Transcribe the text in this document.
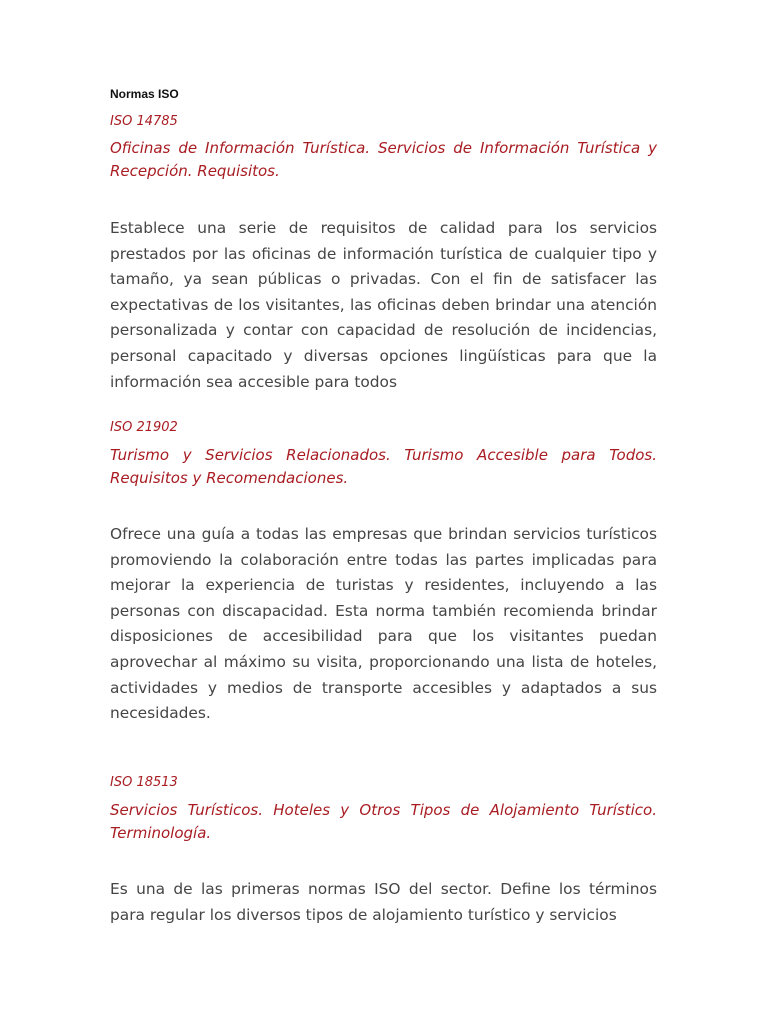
Normas ISO
ISO 14785

Oficinas de Información Turística. Servicios de Información Turística y Recepción. Requisitos.

Establece una serie de requisitos de calidad para los servicios prestados por las oficinas de información turística de cualquier tipo y tamaño, ya sean públicas o privadas. Con el fin de satisfacer las expectativas de los visitantes, las oficinas deben brindar una atención personalizada y contar con capacidad de resolución de incidencias, personal capacitado y diversas opciones lingüísticas para que la información sea accesible para todos

ISO 21902

Turismo y Servicios Relacionados. Turismo Accesible para Todos. Requisitos y Recomendaciones.

Ofrece una guía a todas las empresas que brindan servicios turísticos promoviendo la colaboración entre todas las partes implicadas para mejorar la experiencia de turistas y residentes, incluyendo a las personas con discapacidad. Esta norma también recomienda brindar disposiciones de accesibilidad para que los visitantes puedan aprovechar al máximo su visita, proporcionando una lista de hoteles, actividades y medios de transporte accesibles y adaptados a sus necesidades.

ISO 18513

Servicios Turísticos. Hoteles y Otros Tipos de Alojamiento Turístico. Terminología.

Es una de las primeras normas ISO del sector. Define los términos para regular los diversos tipos de alojamiento turístico y servicios
